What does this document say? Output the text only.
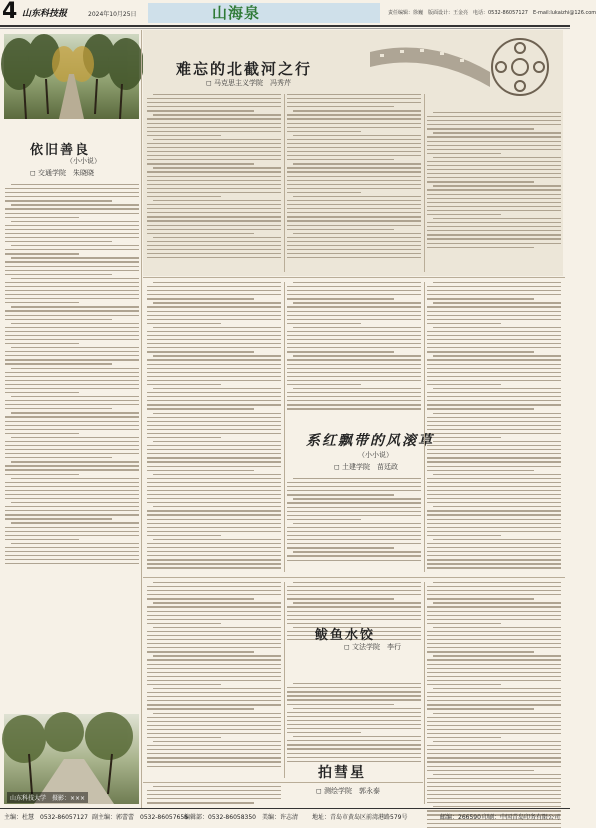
4 山东科技报	2024年10月25日	山海泉	责任编辑：徐巍　版面设计：王金亮　电话：0532-86057127　E-mail:lukaizhi@126.com
依旧善良
（小小说）
◻ 交通学院　朱晓晓
山东科技大学　摄影：×××
难忘的北截河之行
◻ 马克思主义学院　冯秀芹
系红飘带的风滚草
（小小说）
◻ 土建学院　苗廷政
鲅鱼水饺
◻ 文法学院　李行
拍彗星
◻ 测绘学院　郭永泰
主编：杜慧　0532-86057127 副主编：郭蕾蕾　0532-86057656
编辑部：0532-86058350 美编：许志清 地址：青岛市黄岛区前湾港路579号	邮编：266590 印刷：中国青岛印务有限公司
